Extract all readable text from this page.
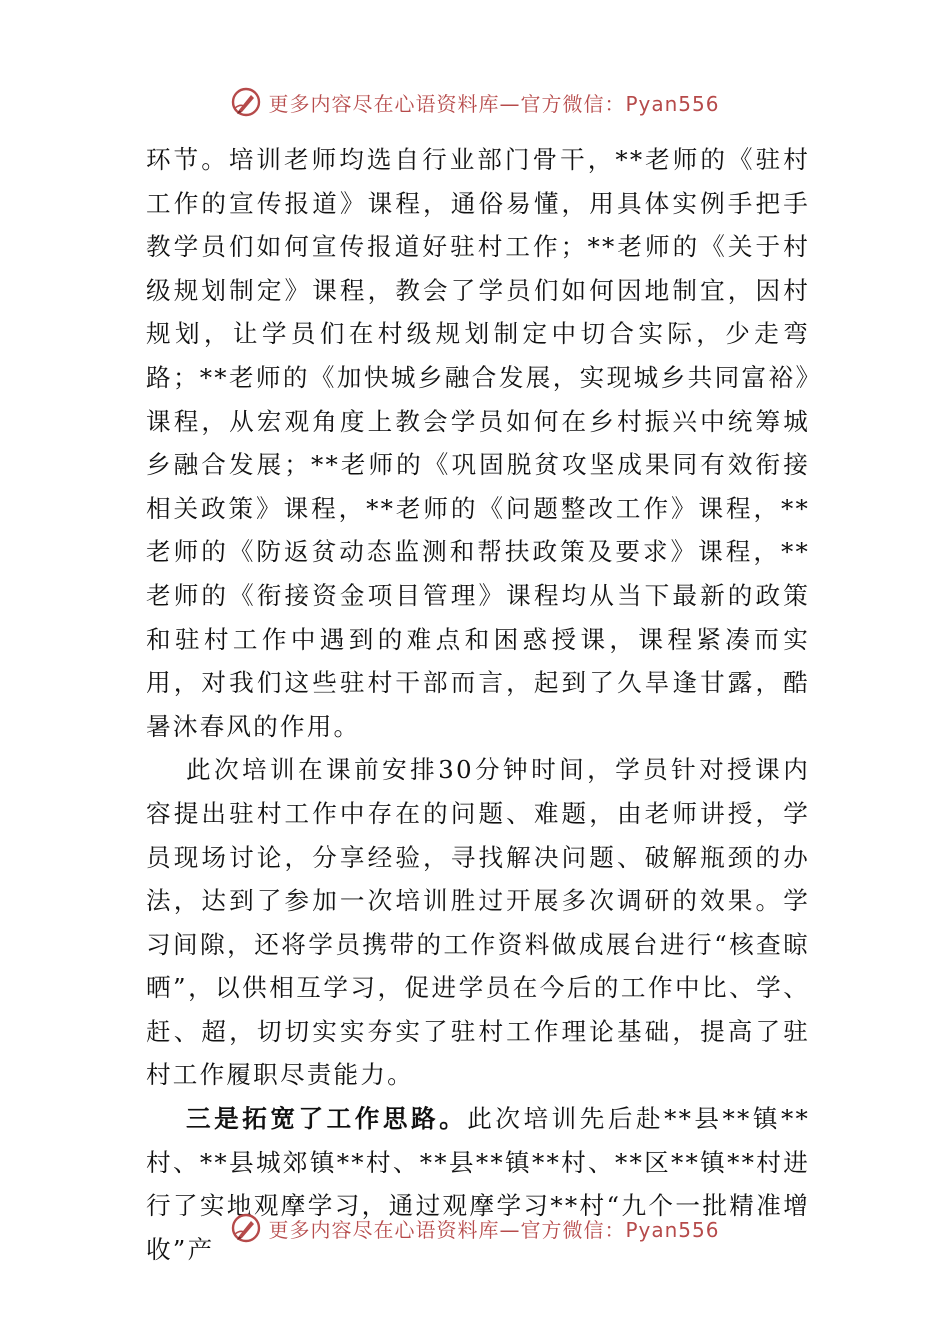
更多内容尽在心语资料库—官方微信：Pyan556

环节。培训老师均选自行业部门骨干，**老师的《驻村工作的宣传报道》课程，通俗易懂，用具体实例手把手教学员们如何宣传报道好驻村工作；**老师的《关于村级规划制定》课程，教会了学员们如何因地制宜，因村规划，让学员们在村级规划制定中切合实际，少走弯路；**老师的《加快城乡融合发展，实现城乡共同富裕》课程，从宏观角度上教会学员如何在乡村振兴中统筹城乡融合发展；**老师的《巩固脱贫攻坚成果同有效衔接相关政策》课程，**老师的《问题整改工作》课程，**老师的《防返贫动态监测和帮扶政策及要求》课程，**老师的《衔接资金项目管理》课程均从当下最新的政策和驻村工作中遇到的难点和困惑授课，课程紧凑而实用，对我们这些驻村干部而言，起到了久旱逢甘露，酷暑沐春风的作用。

此次培训在课前安排30分钟时间，学员针对授课内容提出驻村工作中存在的问题、难题，由老师讲授，学员现场讨论，分享经验，寻找解决问题、破解瓶颈的办法，达到了参加一次培训胜过开展多次调研的效果。学习间隙，还将学员携带的工作资料做成展台进行“核查晾晒”，以供相互学习，促进学员在今后的工作中比、学、赶、超，切切实实夯实了驻村工作理论基础，提高了驻村工作履职尽责能力。

三是拓宽了工作思路。此次培训先后赴**县**镇**村、**县城郊镇**村、**县**镇**村、**区**镇**村进行了实地观摩学习，通过观摩学习**村“九个一批精准增收”产

更多内容尽在心语资料库—官方微信：Pyan556
